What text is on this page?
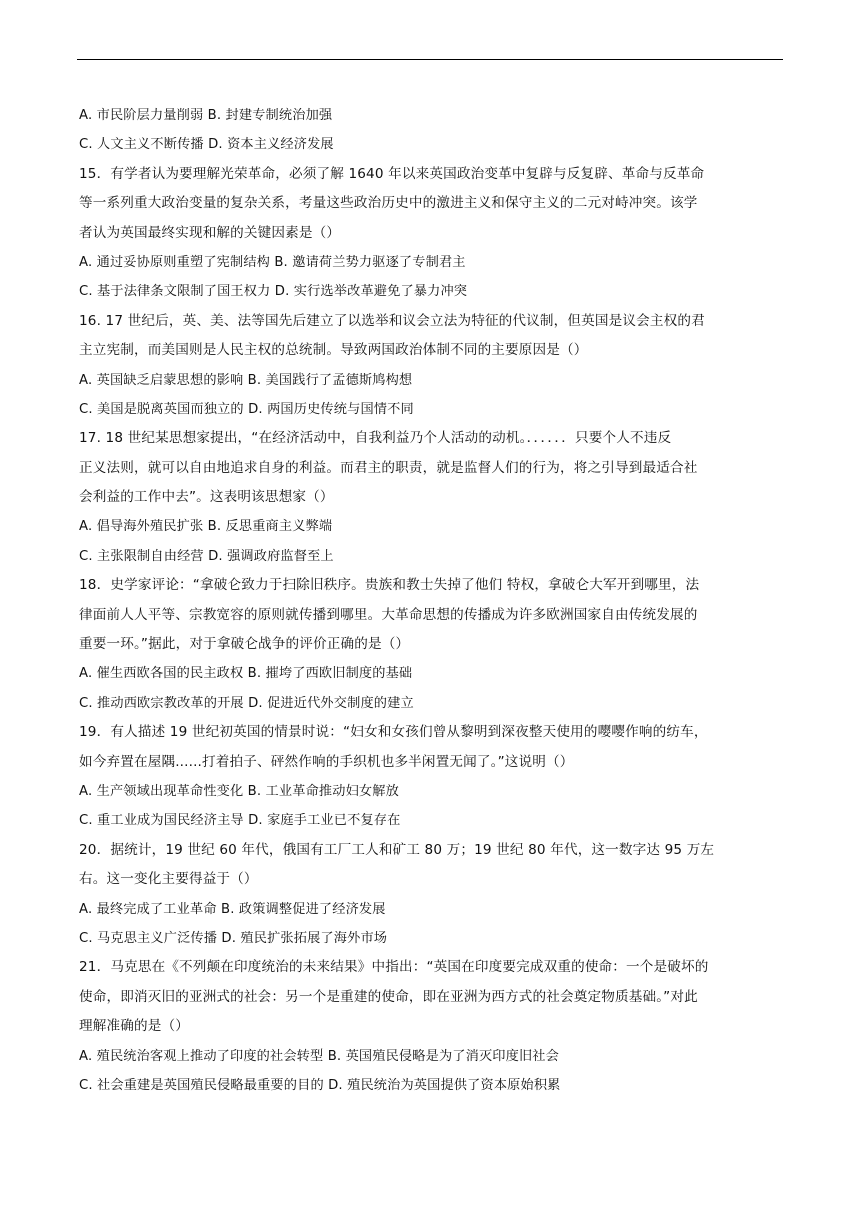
A. 市民阶层力量削弱 B. 封建专制统治加强
C. 人文主义不断传播 D. 资本主义经济发展
15．有学者认为要理解光荣革命，必须了解 1640 年以来英国政治变革中复辟与反复辟、革命与反革命
等一系列重大政治变量的复杂关系，考量这些政治历史中的激进主义和保守主义的二元对峙冲突。该学
者认为英国最终实现和解的关键因素是（）
A. 通过妥协原则重塑了宪制结构 B. 邀请荷兰势力驱逐了专制君主
C. 基于法律条文限制了国王权力 D. 实行选举改革避免了暴力冲突
16. 17 世纪后，英、美、法等国先后建立了以选举和议会立法为特征的代议制，但英国是议会主权的君
主立宪制，而美国则是人民主权的总统制。导致两国政治体制不同的主要原因是（）
A. 英国缺乏启蒙思想的影响 B. 美国践行了孟德斯鸠构想
C. 美国是脱离英国而独立的 D. 两国历史传统与国情不同
17. 18 世纪某思想家提出，“在经济活动中，自我利益乃个人活动的动机。．．．．．．只要个人不违反
正义法则，就可以自由地追求自身的利益。而君主的职责，就是监督人们的行为，将之引导到最适合社
会利益的工作中去”。这表明该思想家（）
A. 倡导海外殖民扩张 B. 反思重商主义弊端
C. 主张限制自由经营 D. 强调政府监督至上
18．史学家评论：“拿破仑致力于扫除旧秩序。贵族和教士失掉了他们 特权，拿破仑大军开到哪里，法
律面前人人平等、宗教宽容的原则就传播到哪里。大革命思想的传播成为许多欧洲国家自由传统发展的
重要一环。”据此，对于拿破仑战争的评价正确的是（）
A. 催生西欧各国的民主政权 B. 摧垮了西欧旧制度的基础
C. 推动西欧宗教改革的开展 D. 促进近代外交制度的建立
19．有人描述 19 世纪初英国的情景时说：“妇女和女孩们曾从黎明到深夜整天使用的嘤嘤作响的纺车，
如今弃置在屋隅......打着拍子、砰然作响的手织机也多半闲置无闻了。”这说明（）
A. 生产领域出现革命性变化 B. 工业革命推动妇女解放
C. 重工业成为国民经济主导 D. 家庭手工业已不复存在
20．据统计，19 世纪 60 年代，俄国有工厂工人和矿工 80 万；19 世纪 80 年代，这一数字达 95 万左
右。这一变化主要得益于（）
A. 最终完成了工业革命 B. 政策调整促进了经济发展
C. 马克思主义广泛传播 D. 殖民扩张拓展了海外市场
21．马克思在《不列颠在印度统治的未来结果》中指出：“英国在印度要完成双重的使命：一个是破坏的
使命，即消灭旧的亚洲式的社会：另一个是重建的使命，即在亚洲为西方式的社会奠定物质基础。”对此
理解准确的是（）
A. 殖民统治客观上推动了印度的社会转型 B. 英国殖民侵略是为了消灭印度旧社会
C. 社会重建是英国殖民侵略最重要的目的 D. 殖民统治为英国提供了资本原始积累
